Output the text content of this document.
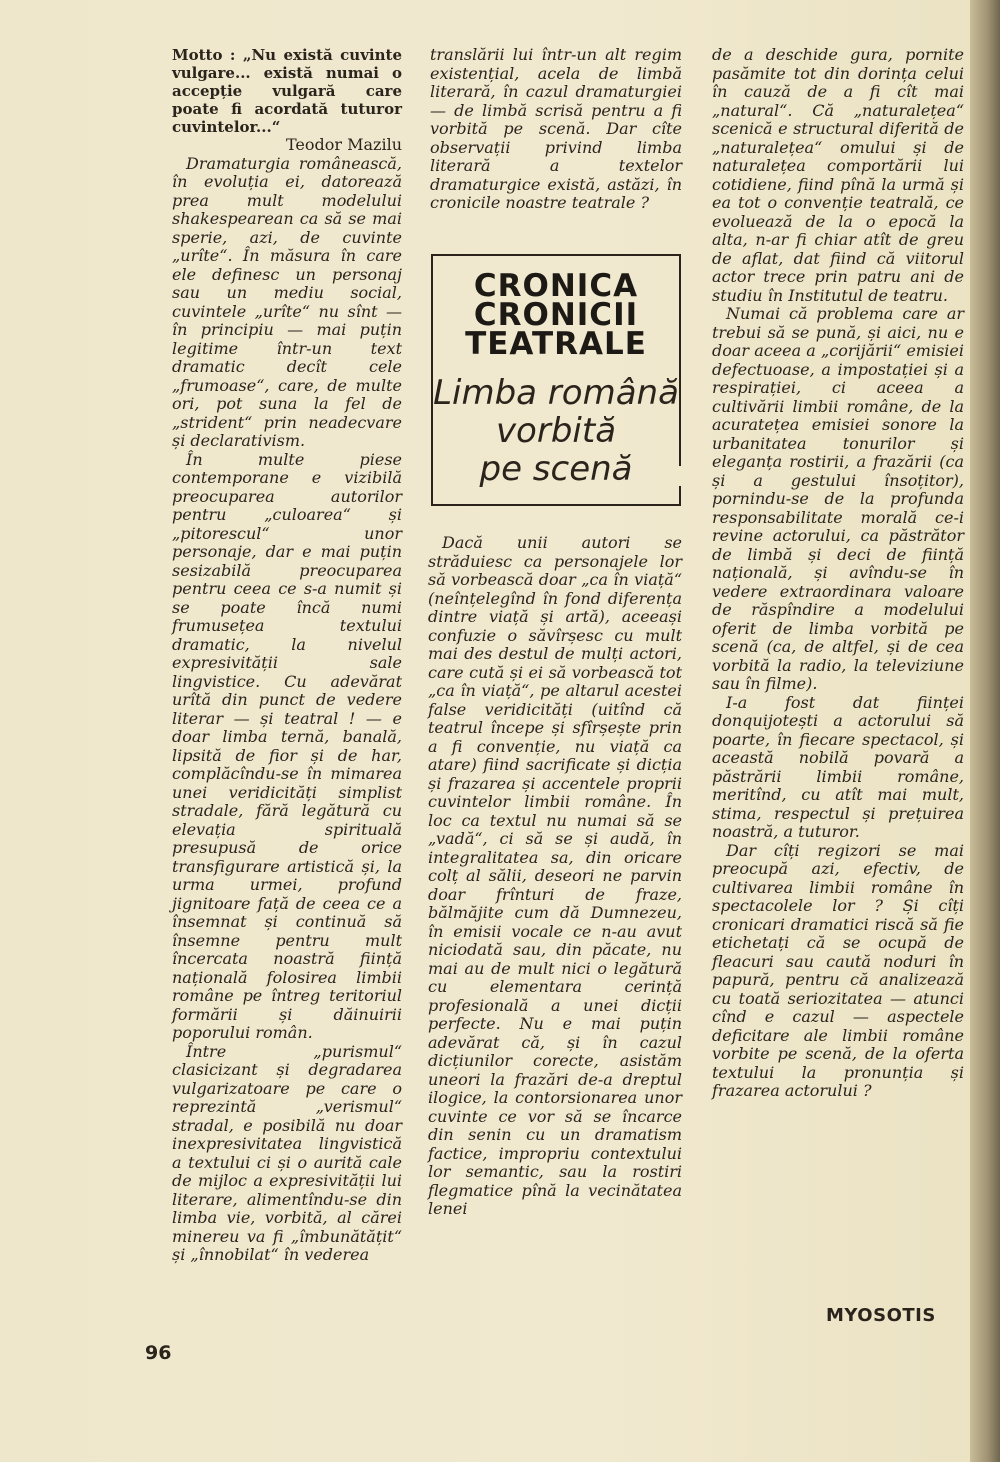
Motto : „Nu există cuvinte vulgare... există numai o accepție vulgară care poate fi acordată tuturor cuvintelor...“

Teodor Mazilu

Dramaturgia românească, în evoluția ei, datorează prea mult modelului shakespearean ca să se mai sperie, azi, de cuvinte „urîte“. În măsura în care ele definesc un personaj sau un mediu social, cuvintele „urîte“ nu sînt — în principiu — mai puțin legitime într-un text dramatic decît cele „frumoase“, care, de multe ori, pot suna la fel de „strident“ prin neadecvare și declarativism.

În multe piese contemporane e vizibilă preocuparea autorilor pentru „culoarea“ și „pitorescul“ unor personaje, dar e mai puțin sesizabilă preocuparea pentru ceea ce s-a numit și se poate încă numi frumusețea textului dramatic, la nivelul expresivității sale lingvistice. Cu adevărat urîtă din punct de vedere literar — și teatral ! — e doar limba ternă, banală, lipsită de fior și de har, complăcîndu-se în mimarea unei veridicități simplist stradale, fără legătură cu elevația spirituală presupusă de orice transfigurare artistică și, la urma urmei, profund jignitoare față de ceea ce a însemnat și continuă să însemne pentru mult încercata noastră ființă națională folosirea limbii române pe întreg teritoriul formării și dăinuirii poporului român.

Între „purismul“ clasicizant și degradarea vulgarizatoare pe care o reprezintă „verismul“ stradal, e posibilă nu doar inexpresivitatea lingvistică a textului ci și o aurită cale de mijloc a expresivității lui literare, alimentîndu-se din limba vie, vorbită, al cărei minereu va fi „îmbunătățit“ și „înnobilat“ în vederea

translării lui într-un alt regim existențial, acela de limbă literară, în cazul dramaturgiei — de limbă scrisă pentru a fi vorbită pe scenă. Dar cîte observații privind limba literară a textelor dramaturgice există, astăzi, în cronicile noastre teatrale ?

CRONICA
CRONICII
TEATRALE
Limba română
vorbită
pe scenă

Dacă unii autori se străduiesc ca personajele lor să vorbească doar „ca în viață“ (neînțelegînd în fond diferența dintre viață și artă), aceeași confuzie o săvîrșesc cu mult mai des destul de mulți actori, care cută și ei să vorbească tot „ca în viață“, pe altarul acestei false veridicități (uitînd că teatrul începe și sfîrșește prin a fi convenție, nu viață ca atare) fiind sacrificate și dicția și frazarea și accentele proprii cuvintelor limbii române. În loc ca textul nu numai să se „vadă“, ci să se și audă, în integralitatea sa, din oricare colț al sălii, deseori ne parvin doar frînturi de fraze, bălmăjite cum dă Dumnezeu, în emisii vocale ce n-au avut niciodată sau, din păcate, nu mai au de mult nici o legătură cu elementara cerință profesională a unei dicții perfecte. Nu e mai puțin adevărat că, și în cazul dicțiunilor corecte, asistăm uneori la frazări de-a dreptul ilogice, la contorsionarea unor cuvinte ce vor să se încarce din senin cu un dramatism factice, impropriu contextului lor semantic, sau la rostiri flegmatice pînă la vecinătatea lenei

de a deschide gura, pornite pasămite tot din dorința celui în cauză de a fi cît mai „natural“. Că „naturalețea“ scenică e structural diferită de „naturalețea“ omului și de naturalețea comportării lui cotidiene, fiind pînă la urmă și ea tot o convenție teatrală, ce evoluează de la o epocă la alta, n-ar fi chiar atît de greu de aflat, dat fiind că viitorul actor trece prin patru ani de studiu în Institutul de teatru.

Numai că problema care ar trebui să se pună, și aici, nu e doar aceea a „corijării“ emisiei defectuoase, a impostației și a respirației, ci aceea a cultivării limbii române, de la acuratețea emisiei sonore la urbanitatea tonurilor și eleganța rostirii, a frazării (ca și a gestului însoțitor), pornindu-se de la profunda responsabilitate morală ce-i revine actorului, ca păstrător de limbă și deci de ființă națională, și avîndu-se în vedere extraordinara valoare de răspîndire a modelului oferit de limba vorbită pe scenă (ca, de altfel, și de cea vorbită la radio, la televiziune sau în filme).

I-a fost dat ființei donquijotești a actorului să poarte, în fiecare spectacol, și această nobilă povară a păstrării limbii române, meritînd, cu atît mai mult, stima, respectul și prețuirea noastră, a tuturor.

Dar cîți regizori se mai preocupă azi, efectiv, de cultivarea limbii române în spectacolele lor ? Și cîți cronicari dramatici riscă să fie etichetați că se ocupă de fleacuri sau caută noduri în papură, pentru că analizează cu toată seriozitatea — atunci cînd e cazul — aspectele deficitare ale limbii române vorbite pe scenă, de la oferta textului la pronunția și frazarea actorului ?

MYOSOTIS
96
